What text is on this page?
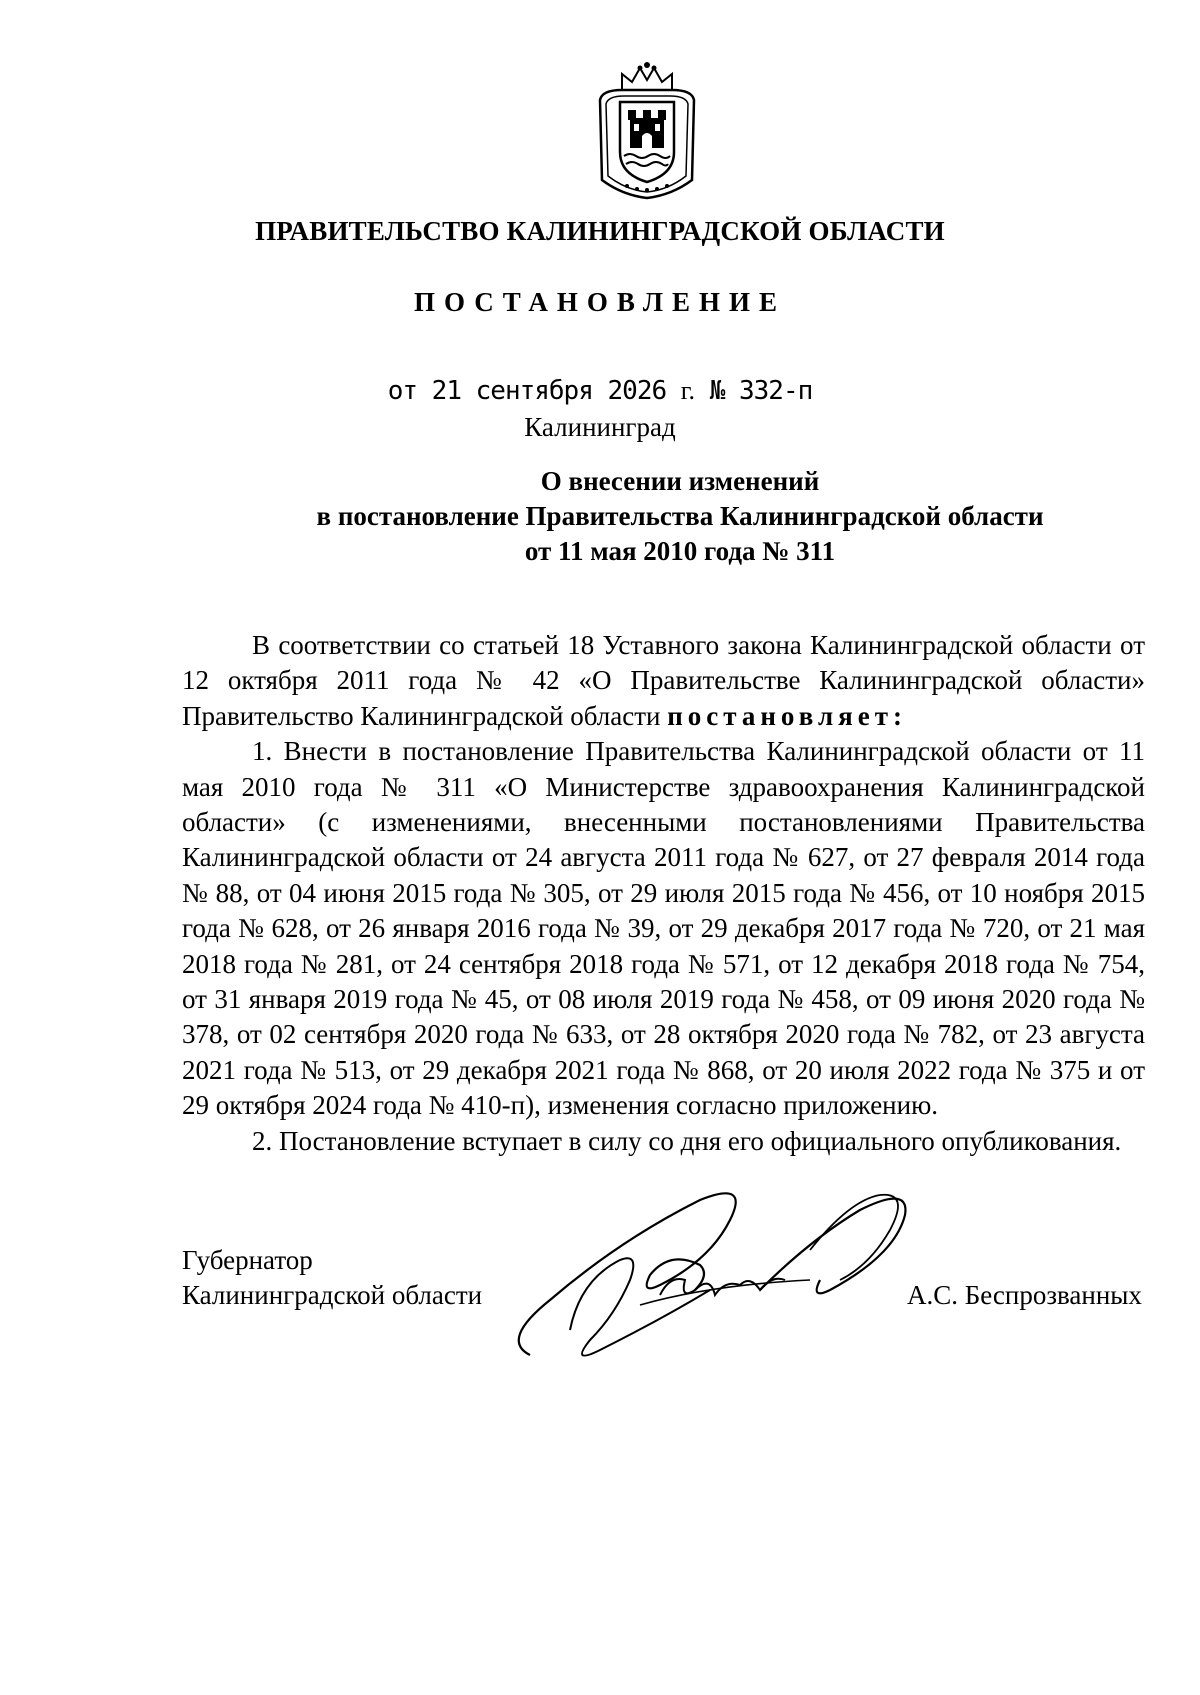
ПРАВИТЕЛЬСТВО КАЛИНИНГРАДСКОЙ ОБЛАСТИ
ПОСТАНОВЛЕНИЕ
от 21 сентября 2026 г. № 332-п
Калининград
О внесении изменений
в постановление Правительства Калининградской области
от 11 мая 2010 года № 311

В соответствии со статьей 18 Уставного закона Калининградской области от 12 октября 2011 года № 42 «О Правительстве Калининградской области» Правительство Калининградской области постановляет:

1. Внести в постановление Правительства Калининградской области от 11 мая 2010 года № 311 «О Министерстве здравоохранения Калининградской области» (с изменениями, внесенными постановлениями Правительства Калининградской области от 24 августа 2011 года № 627, от 27 февраля 2014 года № 88, от 04 июня 2015 года № 305, от 29 июля 2015 года № 456, от 10 ноября 2015 года № 628, от 26 января 2016 года № 39, от 29 декабря 2017 года № 720, от 21 мая 2018 года № 281, от 24 сентября 2018 года № 571, от 12 декабря 2018 года № 754, от 31 января 2019 года № 45, от 08 июля 2019 года № 458, от 09 июня 2020 года № 378, от 02 сентября 2020 года № 633, от 28 октября 2020 года № 782, от 23 августа 2021 года № 513, от 29 декабря 2021 года № 868, от 20 июля 2022 года № 375 и от 29 октября 2024 года № 410-п), изменения согласно приложению.

2. Постановление вступает в силу со дня его официального опубликования.

Губернатор
Калининградской области	А.С. Беспрозванных
